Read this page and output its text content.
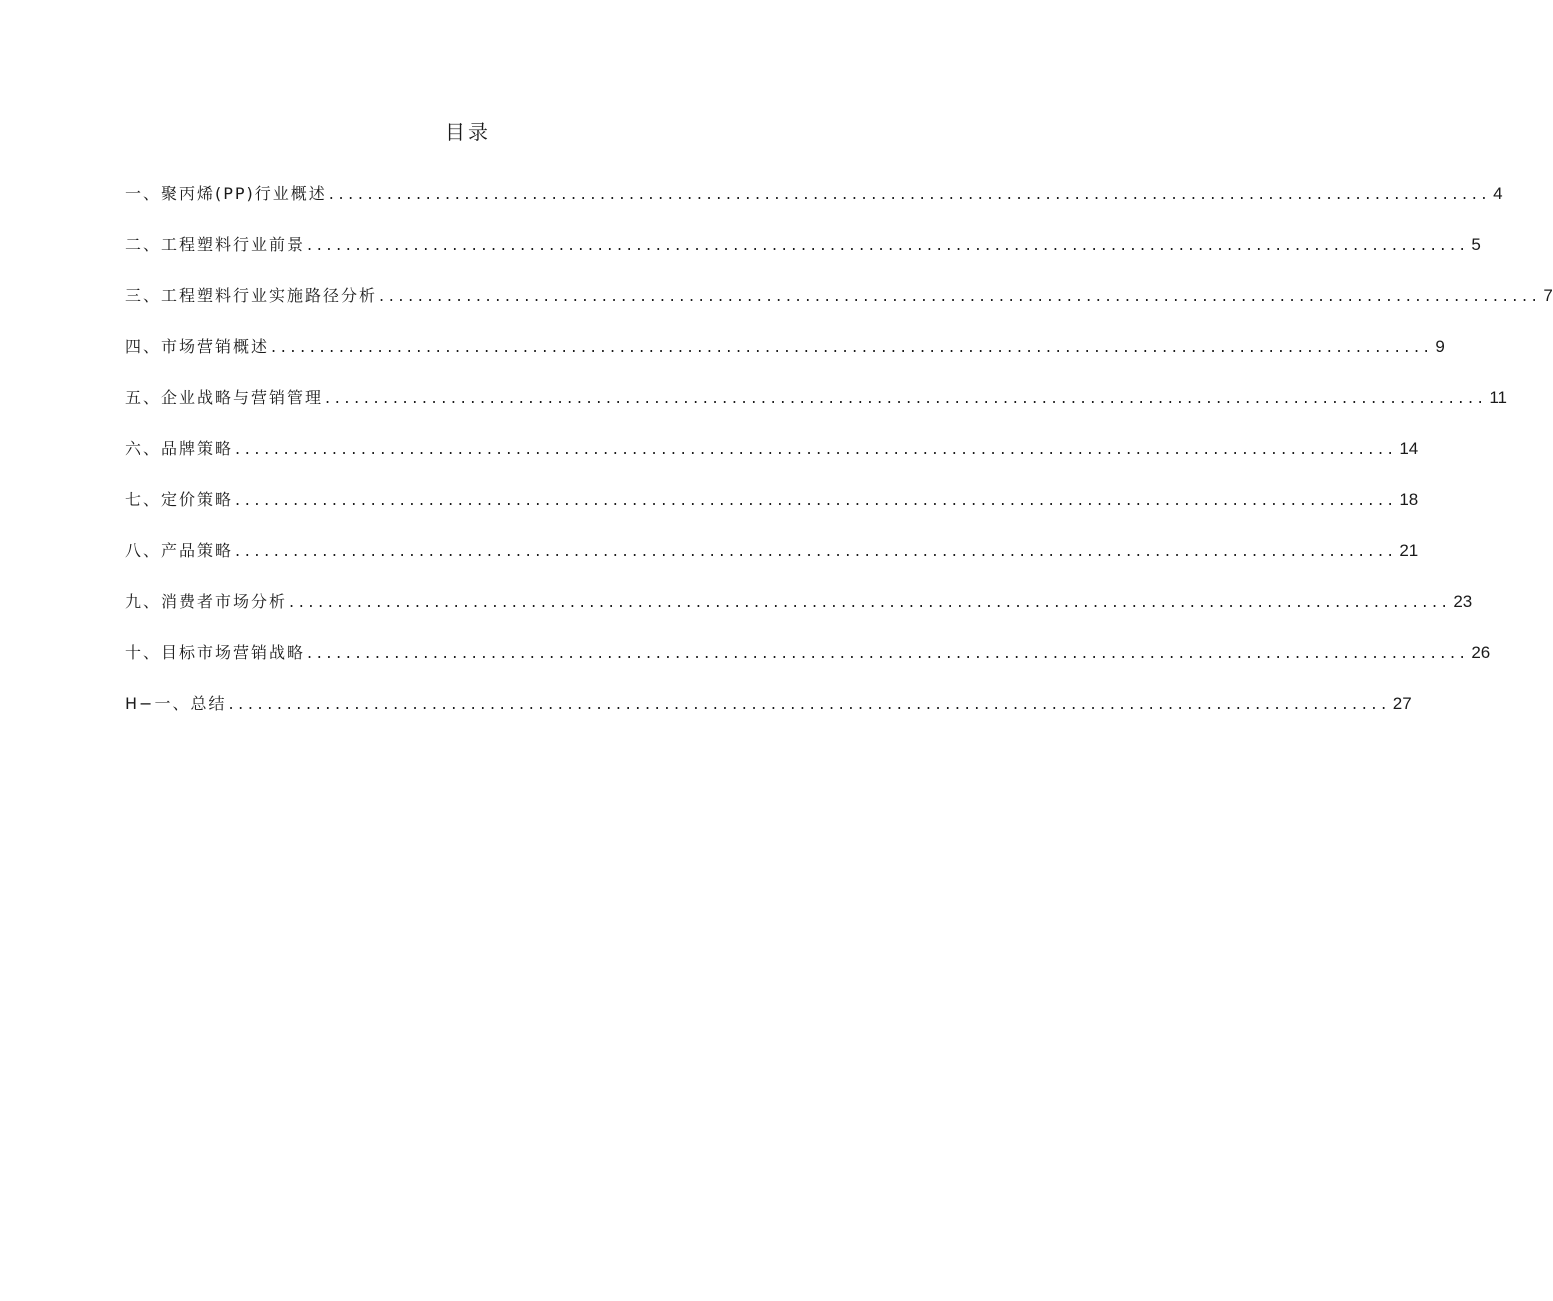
目录
一、聚丙烯(PP)行业概述 ........................................................................................................................ 4
二、工程塑料行业前景 ........................................................................................................................ 5
三、工程塑料行业实施路径分析 ........................................................................................................................ 7
四、市场营销概述 ........................................................................................................................ 9
五、企业战略与营销管理 ........................................................................................................................ 11
六、品牌策略 ........................................................................................................................ 14
七、定价策略 ........................................................................................................................ 18
八、产品策略 ........................................................................................................................ 21
九、消费者市场分析 ........................................................................................................................ 23
十、目标市场营销战略 ........................................................................................................................ 26
H−一、总结 ........................................................................................................................ 27
